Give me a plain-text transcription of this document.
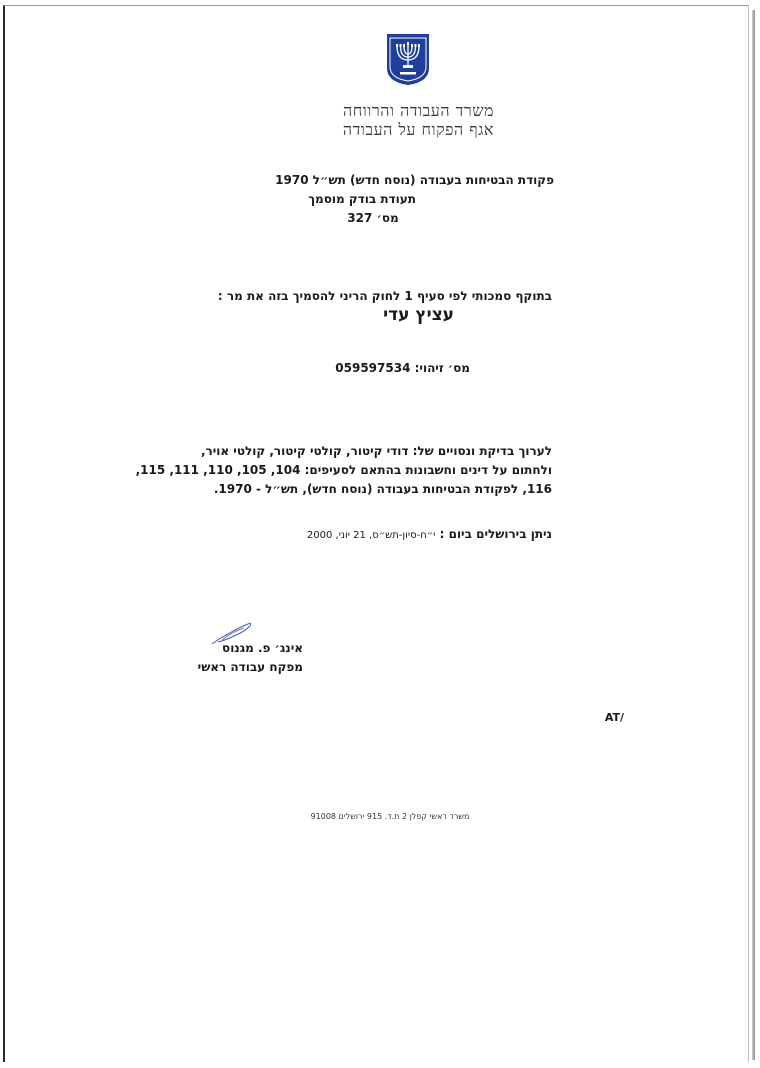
משרד העבודה והרווחה
אגף הפקוח על העבודה
פקודת הבטיחות בעבודה (נוסח חדש) תש״ל 1970
תעודת בודק מוסמך
מס׳ 327
בתוקף סמכותי לפי סעיף 1 לחוק הריני להסמיך בזה את מר :
עציץ עדי
מס׳ זיהוי: 059597534
לערוך בדיקת ונסויים של: דודי קיטור, קולטי קיטור, קולטי אויר,
ולחתום על דינים וחשבונות בהתאם לסעיפים: 104, 105, 110, 111, 115,
116, לפקודת הבטיחות בעבודה (נוסח חדש), תש״ל - 1970.
ניתן בירושלים ביום : י״ח-סיון-תש״ס, 21 יוני, 2000
אינג׳ פ. מגנוס
מפקח עבודה ראשי
AT/
משרד ראשי קפלן 2 ת.ד. 915 ירושלים 91008
